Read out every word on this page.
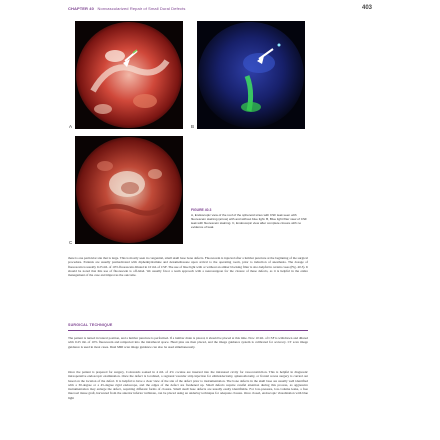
CHAPTER 40 Nonvascularized Repair of Small Dural Defects	403
A	B
C
FIGURE 40.3
A, Endoscopic view of the roof of the sphenoid sinus with CSF leak seen with fluorescein staining (arrow) with and without blue light. B, Blue light filter view of CSF leak with fluorescein staining. C, Endoscopic view after complete closure with no evidence of leak.
there is one particular site that is large. This is mostly seen in congenital, small skull base bone defects. Fluorescein is injected after a lumbar puncture at the beginning of the surgical procedure. Patients are usually premedicated with diphenhydramine and dexamethasone upon arrival to the operating room, prior to induction of anesthesia. The dosage of fluorescein is usually 0.25 mL of 10% fluorescein diluted in 10 mL of CSF. The use of blue light with or without an amber blocking filter is also helpful in certain cases (Fig. 40.3). It should be noted that this use of fluorescein is off-label. We usually favor a team approach with a neurosurgeon for the closure of these defects, as it is helpful in the entire management of the case and improves the outcome.
SURGICAL TECHNIQUE
The patient is turned in lateral position, and a lumbar puncture is performed. If a lumbar drain is placed, it should be placed at this time. Now 10 mL of CSF is withdrawn and diluted with 0.25 mL of 10% fluorescein and reinjected into the intrathecal space. Head pins are then placed, and the image guidance system is calibrated for accuracy. CT scan image guidance is used in most cases. Dual MRI scan image guidance can also be used simultaneously.
Once the patient is prepared for surgery, Cottonoids soaked in 4 mL of 4% cocaine are inserted into the intranasal cavity for vasoconstriction. This is helpful in diagnostic intraoperative endoscopic examination. Once the defect is localized, a regional vascular strip injection for ethmoidectomy, sphenoidotomy, or frontal recess surgery is carried out based on the location of the defect. It is helpful to have a clear view of the site of the defect prior to instrumentation. The bone defects in the skull base are usually well identified with a 30-degree or a 45-degree rigid endoscope, and the edges of the defect are freshened up. Small defects require careful attention during this process, as aggressive instrumentation may enlarge the defect, requiring different forms of closure. Small skull base defects are usually easily identifiable. For low-pressure, low-volume leaks, a free mucosal tissue graft, harvested from the anterior inferior turbinate, can be placed using an underlay technique for adequate closure. Once closed, endoscopic visualization with blue light
